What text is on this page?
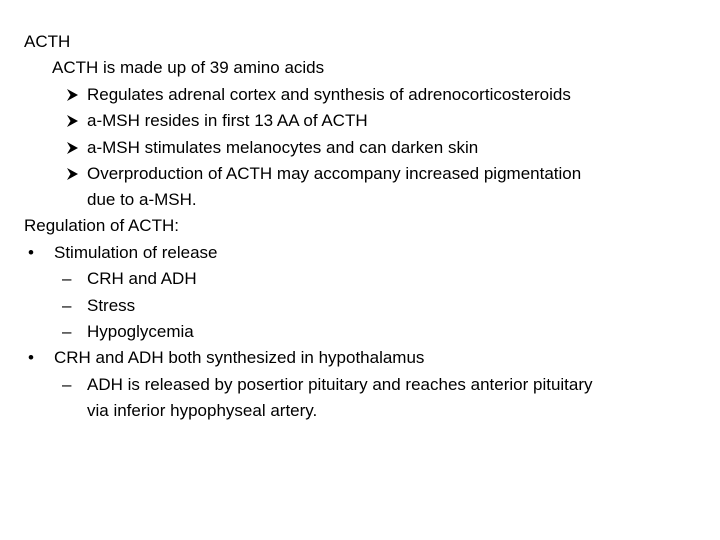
ACTH
ACTH is made up of 39 amino acids
Regulates adrenal cortex and synthesis of adrenocorticosteroids
a-MSH resides in first 13 AA of ACTH
a-MSH stimulates melanocytes and can darken skin
Overproduction of ACTH may accompany increased pigmentation
due to a-MSH.
Regulation of ACTH:
• Stimulation of release
– CRH and ADH
– Stress
– Hypoglycemia
• CRH and ADH both synthesized in hypothalamus
– ADH is released by posertior pituitary and reaches anterior pituitary
via inferior hypophyseal artery.
